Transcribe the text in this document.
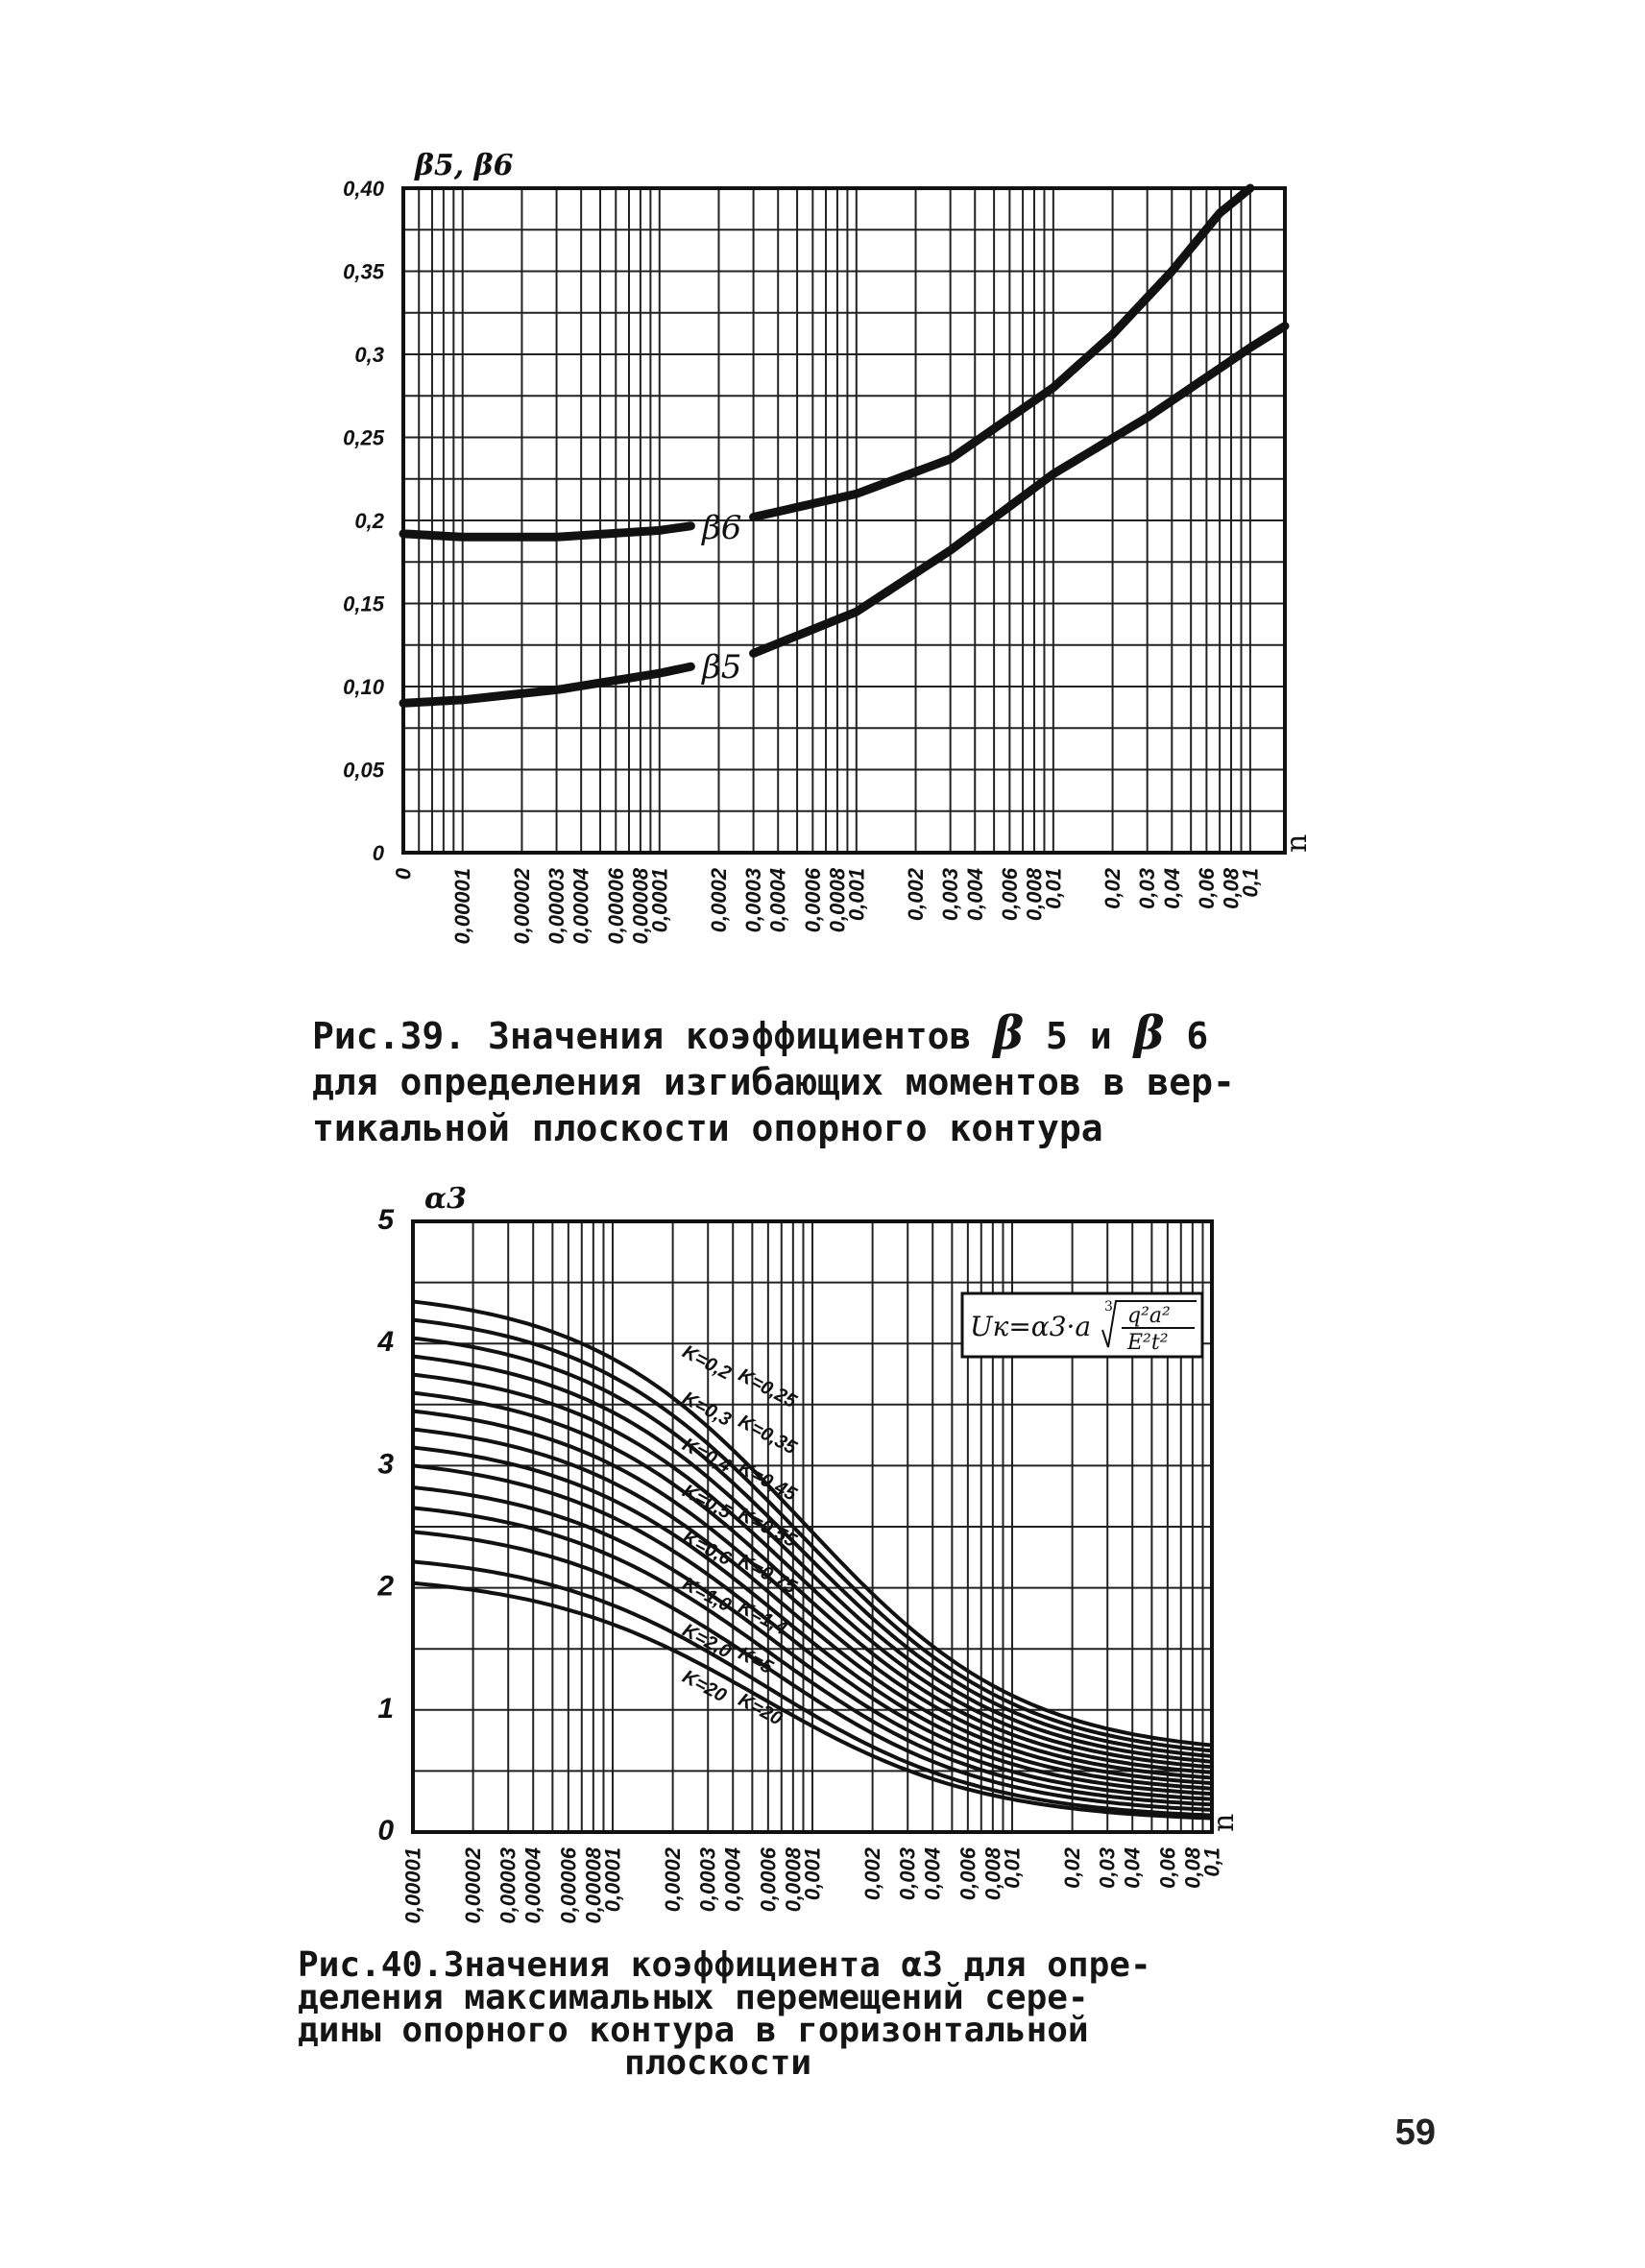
0
0,05
0,10
0,15
0,2
0,25
0,3
0,35
0,40
0 0,00001 0,00002 0,00003 0,00004 0,00006 0,00008
0,0001 0,0002 0,0003 0,0004 0,0006 0,0008
0,001 0,002 0,003 0,004 0,006 0,008
0,01 0,02 0,03 0,04 0,06 0,08
0,1
β5, β6
n
β6
β5
0
1
2
3
4
5
0,00001 0,00002 0,00003 0,00004 0,00006 0,00008
0,0001 0,0002 0,0003 0,0004 0,0006 0,0008
0,001 0,002 0,003 0,004 0,006 0,008
0,01 0,02 0,03 0,04 0,06 0,08
0,1
α3
n
K=0,2
K=0,25
K=0,3
K=0,35
K=0,4
K=0,45
K=0,5
K=0,55
K=0,6
K=0,75
K=1,0
K=1,4
K=2,0 K=5
K=20
K=20
Uк=α3·a
3 q²a²
E²t²
Рис.39. Значения коэффициентов β 5 и β 6
для определения изгибающих моментов в вер-
тикальной плоскости опорного контура
Рис.40.Значения коэффициента α3 для опре-
деления максимальных перемещений сере-
дины опорного контура в горизонтальной
плоскости
59
